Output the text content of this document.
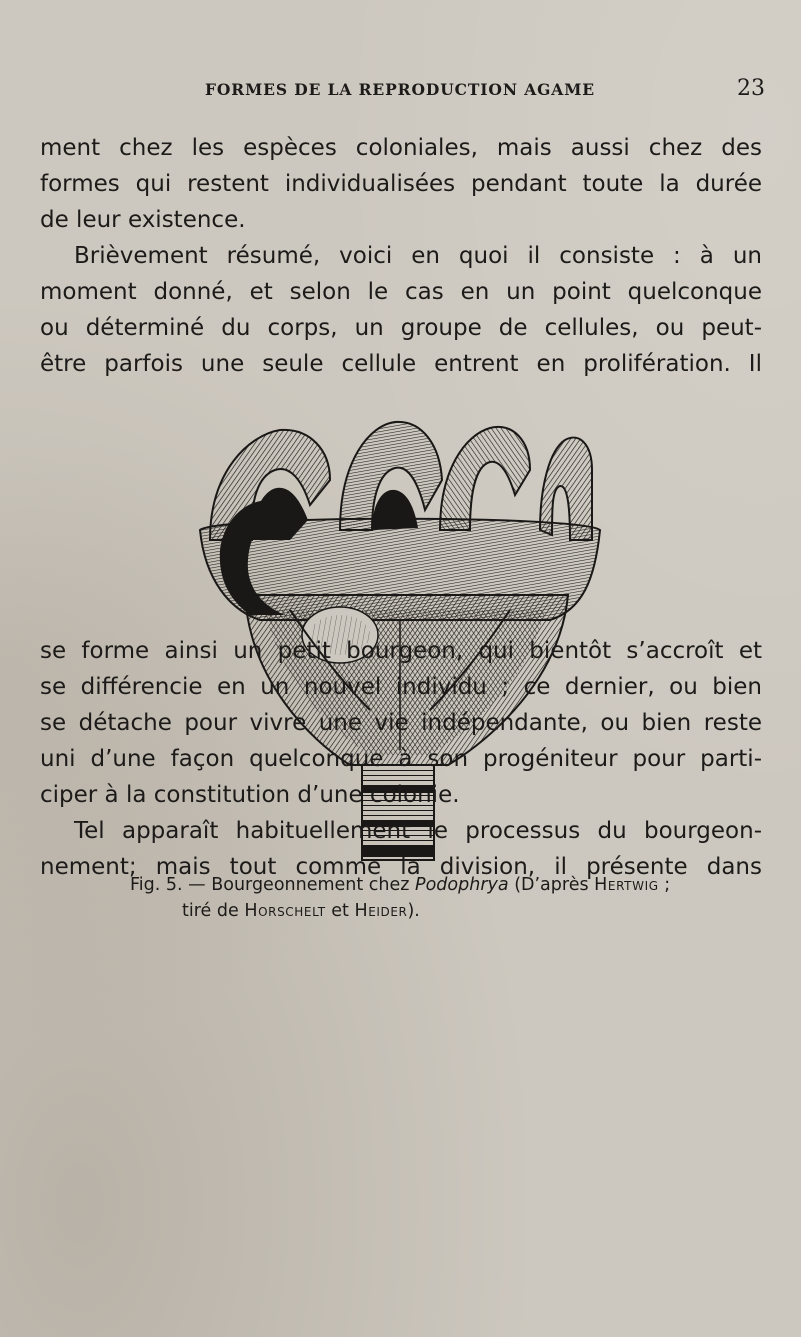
FORMES DE LA REPRODUCTION AGAME	23
ment chez les espèces coloniales, mais aussi chez des
formes qui restent individualisées pendant toute la durée
de leur existence.
Brièvement résumé, voici en quoi il consiste : à un
moment donné, et selon le cas en un point quelconque
ou déterminé du corps, un groupe de cellules, ou peut-
être parfois une seule cellule entrent en prolifération. Il
Fig. 5. — Bourgeonnement chez Podophrya (D’après Hertwig ;
tiré de Horschelt et Heider).
se forme ainsi un petit bourgeon, qui bientôt s’accroît et
se différencie en un nouvel individu ; ce dernier, ou bien
se détache pour vivre une vie indépendante, ou bien reste
uni d’une façon quelconque à son progéniteur pour parti-
ciper à la constitution d’une colonie.
Tel apparaît habituellement le processus du bourgeon-
nement; mais tout comme la division, il présente dans
